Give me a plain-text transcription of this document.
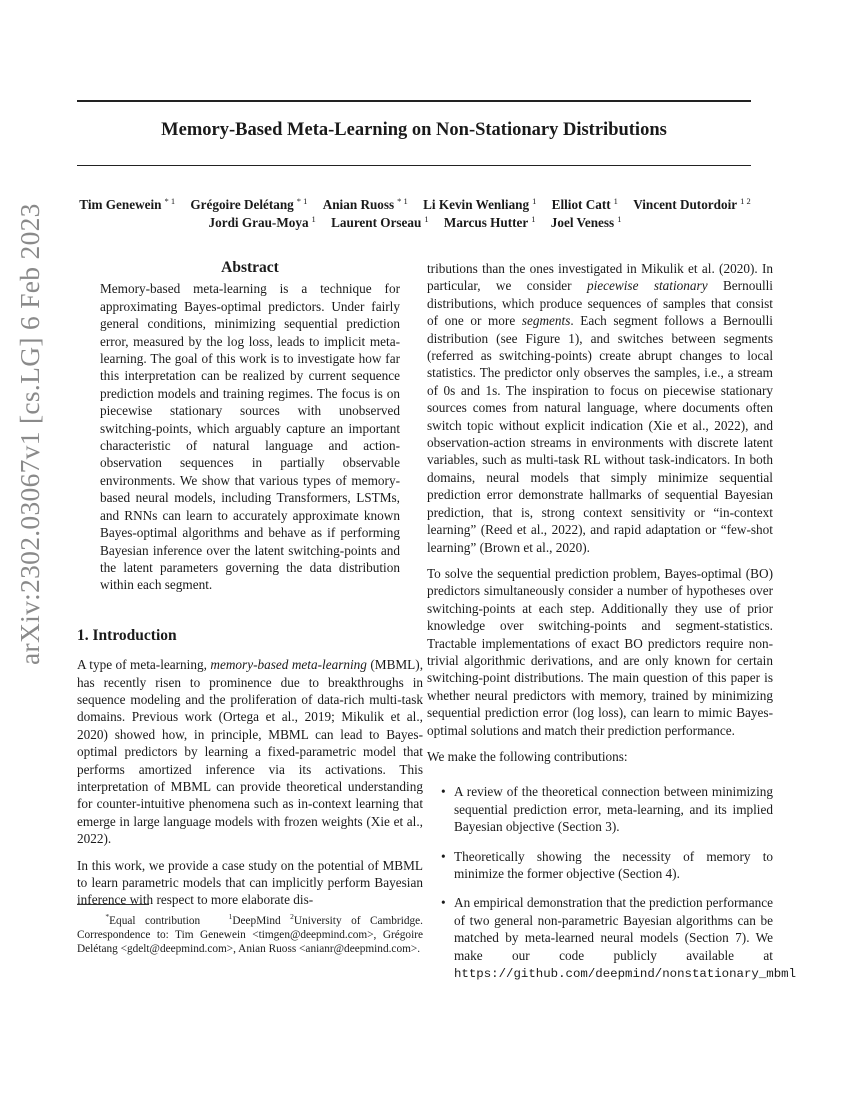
Memory-Based Meta-Learning on Non-Stationary Distributions
Tim Genewein $^{* 1}$ Grégoire Delétang $^{* 1}$ Anian Ruoss $^{* 1}$ Li Kevin Wenliang $^1$ Elliot Catt $^1$ Vincent Dutordoir $^{1 2}$
Jordi Grau-Moya $^1$ Laurent Orseau $^1$ Marcus Hutter $^1$ Joel Veness $^1$
arXiv:2302.03067v1 [cs.LG] 6 Feb 2023	Abstract

Memory-based meta-learning is a technique for approximating Bayes-optimal predictors. Under fairly general conditions, minimizing sequential prediction error, measured by the log loss, leads to implicit meta-learning. The goal of this work is to investigate how far this interpretation can be realized by current sequence prediction models and training regimes. The focus is on piecewise stationary sources with unobserved switching-points, which arguably capture an important characteristic of natural language and action-observation sequences in partially observable environments. We show that various types of memory-based neural models, including Transformers, LSTMs, and RNNs can learn to accurately approximate known Bayes-optimal algorithms and behave as if performing Bayesian inference over the latent switching-points and the latent parameters governing the data distribution within each segment.

1. Introduction

A type of meta-learning, memory-based meta-learning (MBML), has recently risen to prominence due to breakthroughs in sequence modeling and the proliferation of data-rich multi-task domains. Previous work (Ortega et al., 2019; Mikulik et al., 2020) showed how, in principle, MBML can lead to Bayes-optimal predictors by learning a fixed-parametric model that performs amortized inference via its activations. This interpretation of MBML can provide theoretical understanding for counter-intuitive phenomena such as in-context learning that emerge in large language models with frozen weights (Xie et al., 2022).

In this work, we provide a case study on the potential of MBML to learn parametric models that can implicitly perform Bayesian inference with respect to more elaborate dis-

*Equal contribution	$^1$DeepMind $^2$University of Cambridge. Correspondence to: Tim Genewein <timgen@deepmind.com>, Grégoire Delétang <gdelt@deepmind.com>, Anian Ruoss <anianr@deepmind.com>.

tributions than the ones investigated in Mikulik et al. (2020). In particular, we consider piecewise stationary Bernoulli distributions, which produce sequences of samples that consist of one or more segments. Each segment follows a Bernoulli distribution (see Figure 1), and switches between segments (referred as switching-points) create abrupt changes to local statistics. The predictor only observes the samples, i.e., a stream of 0s and 1s. The inspiration to focus on piecewise stationary sources comes from natural language, where documents often switch topic without explicit indication (Xie et al., 2022), and observation-action streams in environments with discrete latent variables, such as multi-task RL without task-indicators. In both domains, neural models that simply minimize sequential prediction error demonstrate hallmarks of sequential Bayesian prediction, that is, strong context sensitivity or “in-context learning” (Reed et al., 2022), and rapid adaptation or “few-shot learning” (Brown et al., 2020).

To solve the sequential prediction problem, Bayes-optimal (BO) predictors simultaneously consider a number of hypotheses over switching-points at each step. Additionally they use of prior knowledge over switching-points and segment-statistics. Tractable implementations of exact BO predictors require non-trivial algorithmic derivations, and are only known for certain switching-point distributions. The main question of this paper is whether neural predictors with memory, trained by minimizing sequential prediction error (log loss), can learn to mimic Bayes-optimal solutions and match their prediction performance.

We make the following contributions:

• A review of the theoretical connection between minimizing sequential prediction error, meta-learning, and its implied Bayesian objective (Section 3).
• Theoretically showing the necessity of memory to minimize the former objective (Section 4).
• An empirical demonstration that the prediction performance of two general non-parametric Bayesian algorithms can be matched by meta-learned neural models (Section 7). We make our code publicly available at https://github.com/deepmind/nonstationary_mbml
